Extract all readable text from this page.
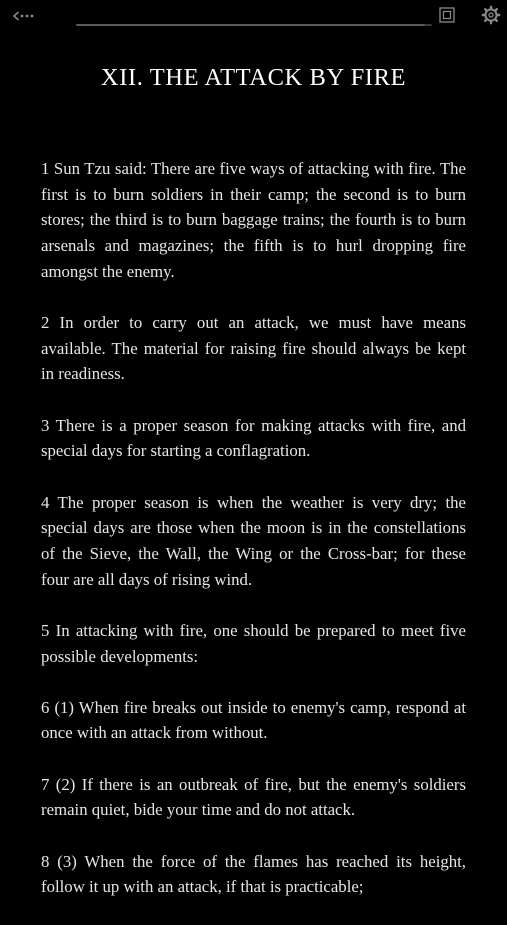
XII. THE ATTACK BY FIRE

1 Sun Tzu said: There are five ways of attacking with fire. The first is to burn soldiers in their camp; the second is to burn stores; the third is to burn baggage trains; the fourth is to burn arsenals and magazines; the fifth is to hurl dropping fire amongst the enemy.

2 In order to carry out an attack, we must have means available. The material for raising fire should always be kept in readiness.

3 There is a proper season for making attacks with fire, and special days for starting a conflagration.

4 The proper season is when the weather is very dry; the special days are those when the moon is in the constellations of the Sieve, the Wall, the Wing or the Cross-bar; for these four are all days of rising wind.

5 In attacking with fire, one should be prepared to meet five possible developments:

6 (1) When fire breaks out inside to enemy's camp, respond at once with an attack from without.

7 (2) If there is an outbreak of fire, but the enemy's soldiers remain quiet, bide your time and do not attack.

8 (3) When the force of the flames has reached its height, follow it up with an attack, if that is practicable;
